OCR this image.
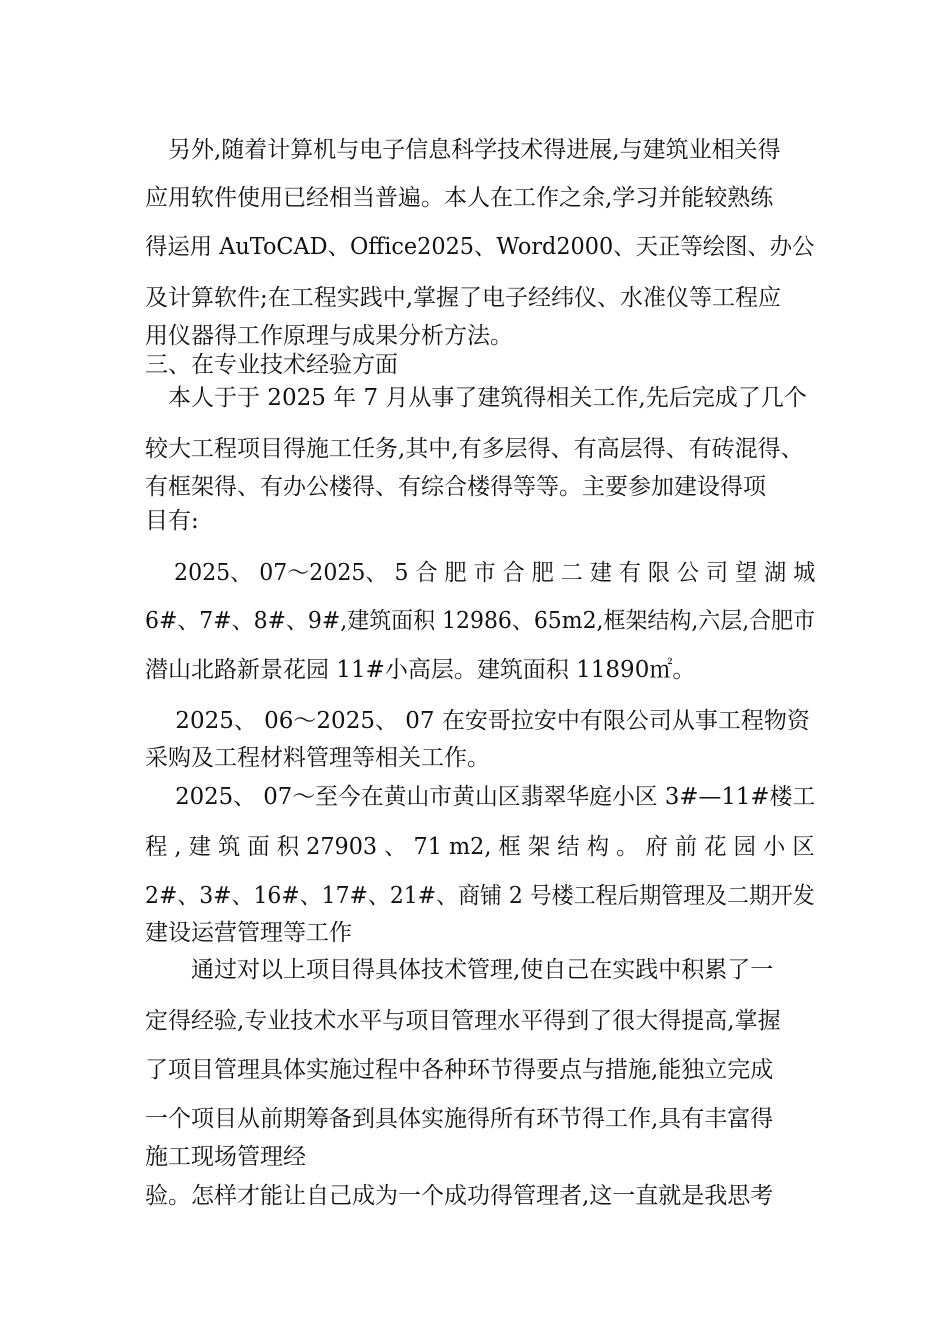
　另外,随着计算机与电子信息科学技术得进展,与建筑业相关得
应用软件使用已经相当普遍。本人在工作之余,学习并能较熟练
得运用 AuToCAD、Office2025、Word2000、天正等绘图、办公
及计算软件;在工程实践中,掌握了电子经纬仪、水准仪等工程应
用仪器得工作原理与成果分析方法。
三、在专业技术经验方面
　本人于于 2025 年 7 月从事了建筑得相关工作,先后完成了几个
较大工程项目得施工任务,其中,有多层得、有高层得、有砖混得、
有框架得、有办公楼得、有综合楼得等等。主要参加建设得项
目有:
　 2025、 07～2025、 5 合 肥 市 合 肥 二 建 有 限 公 司 望 湖 城
6#、7#、8#、9#,建筑面积 12986、65m2,框架结构,六层,合肥市
潜山北路新景花园 11#小高层。建筑面积 11890㎡。
　 2025、 06～2025、 07 在安哥拉安中有限公司从事工程物资
采购及工程材料管理等相关工作。
　 2025、 07～至今在黄山市黄山区翡翠华庭小区 3#—11#楼工
程 , 建 筑 面 积 27903 、 71 m2, 框 架 结 构 。 府 前 花 园 小 区
2#、3#、16#、17#、21#、商铺 2 号楼工程后期管理及二期开发
建设运营管理等工作
　　通过对以上项目得具体技术管理,使自己在实践中积累了一
定得经验,专业技术水平与项目管理水平得到了很大得提高,掌握
了项目管理具体实施过程中各种环节得要点与措施,能独立完成
一个项目从前期筹备到具体实施得所有环节得工作,具有丰富得
施工现场管理经
验。怎样才能让自己成为一个成功得管理者,这一直就是我思考
